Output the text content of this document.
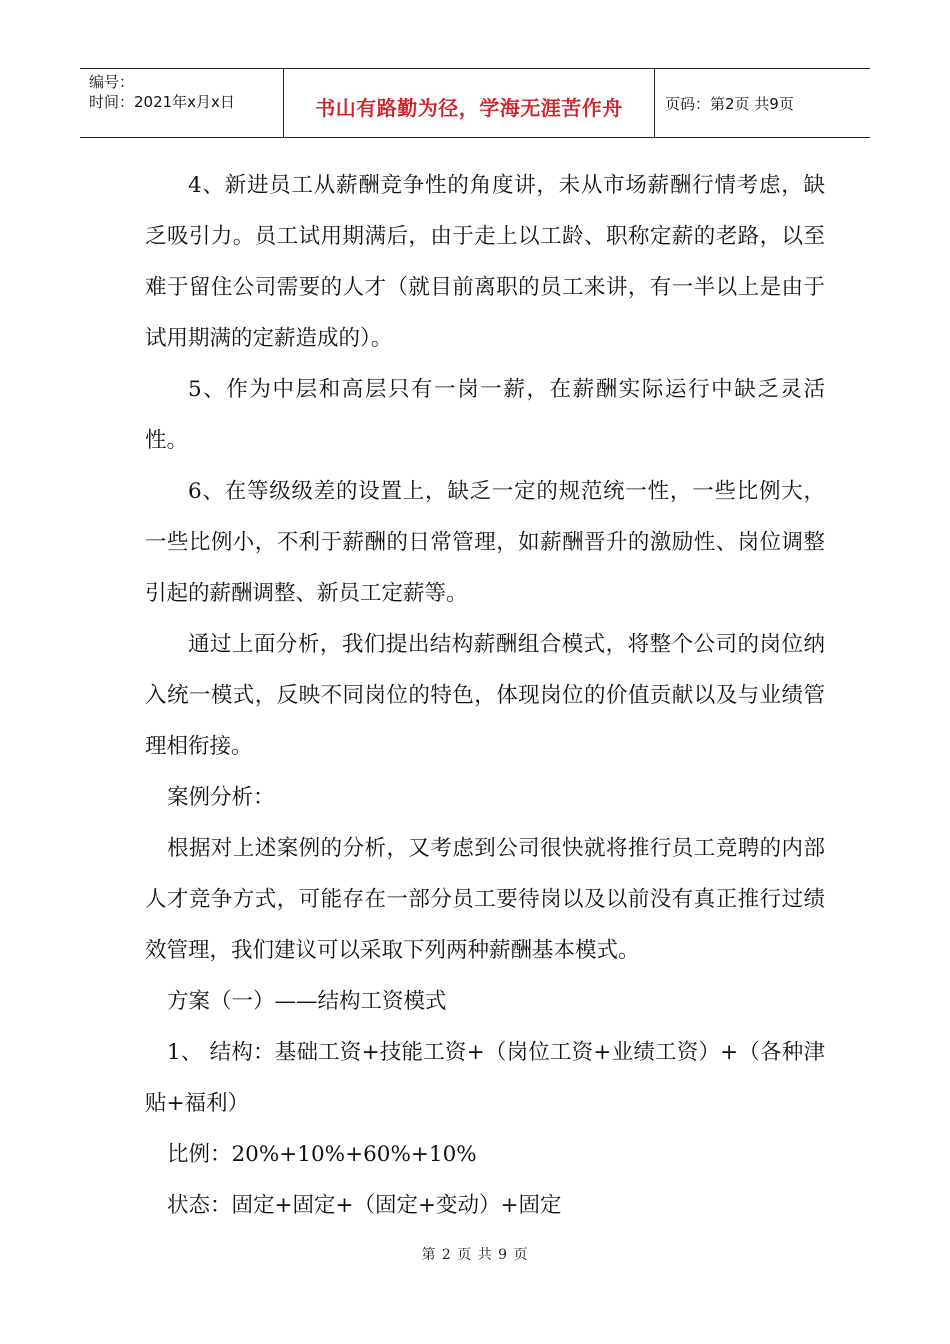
编号：
时间：2021年x月x日	书山有路勤为径，学海无涯苦作舟	页码：第2页 共9页

4、新进员工从薪酬竞争性的角度讲，未从市场薪酬行情考虑，缺乏吸引力。员工试用期满后，由于走上以工龄、职称定薪的老路，以至难于留住公司需要的人才（就目前离职的员工来讲，有一半以上是由于试用期满的定薪造成的）。

5、作为中层和高层只有一岗一薪，在薪酬实际运行中缺乏灵活性。

6、在等级级差的设置上，缺乏一定的规范统一性，一些比例大，一些比例小，不利于薪酬的日常管理，如薪酬晋升的激励性、岗位调整引起的薪酬调整、新员工定薪等。

通过上面分析，我们提出结构薪酬组合模式，将整个公司的岗位纳入统一模式，反映不同岗位的特色，体现岗位的价值贡献以及与业绩管理相衔接。

案例分析：

根据对上述案例的分析，又考虑到公司很快就将推行员工竞聘的内部人才竞争方式，可能存在一部分员工要待岗以及以前没有真正推行过绩效管理，我们建议可以采取下列两种薪酬基本模式。

方案（一）——结构工资模式

1、 结构：基础工资+技能工资+（岗位工资+业绩工资）+（各种津贴+福利）

比例：20%+10%+60%+10%

状态：固定+固定+（固定+变动）+固定

第 2 页 共 9 页
